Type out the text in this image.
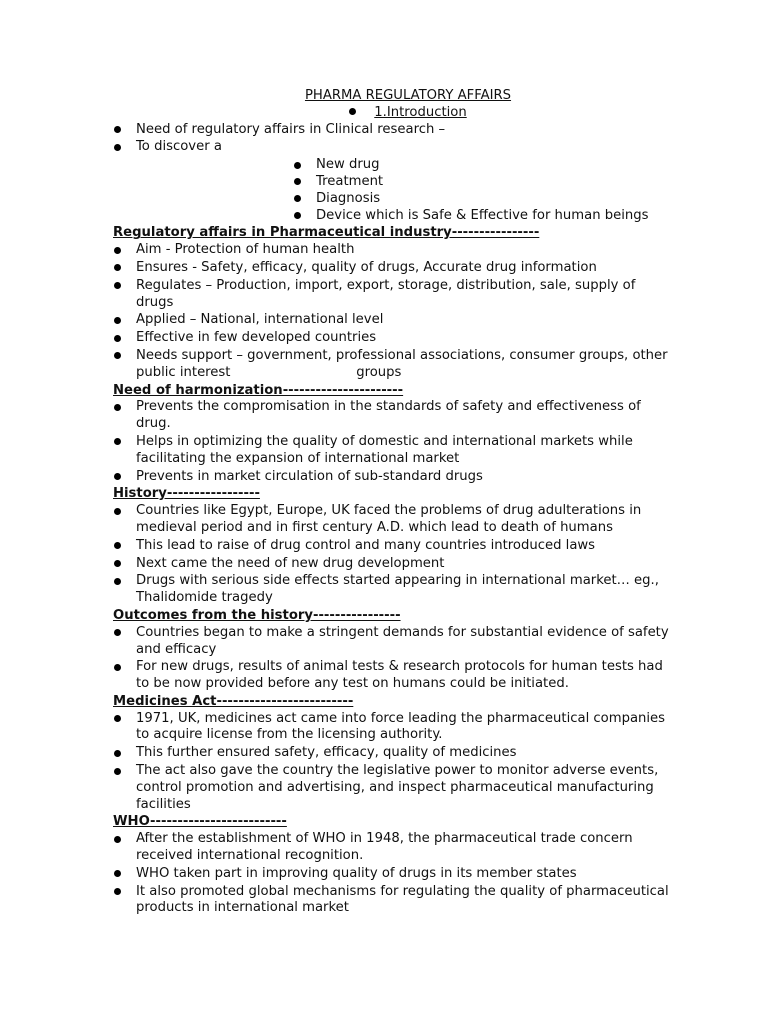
PHARMA REGULATORY AFFAIRS
1.Introduction
Need of regulatory affairs in Clinical research –
To discover a
New drug
Treatment
Diagnosis
Device which is Safe & Effective for human beings
Regulatory affairs in Pharmaceutical industry----------------
Aim - Protection of human health
Ensures - Safety, efficacy, quality of drugs, Accurate drug information
Regulates – Production, import, export, storage, distribution, sale, supply of drugs
Applied – National, international level
Effective in few developed countries
Needs support – government, professional associations, consumer groups, other public interest                              groups
Need of harmonization----------------------
Prevents the compromisation in the standards of safety and effectiveness of drug.
Helps in optimizing the quality of domestic and international markets while facilitating the expansion of international market
Prevents in market circulation of sub-standard drugs
History-----------------
Countries like Egypt, Europe, UK faced the problems of drug adulterations in medieval period and in first century A.D. which lead to death of humans
This lead to raise of drug control and many countries introduced laws
Next came the need of new drug development
Drugs with serious side effects started appearing in international market… eg., Thalidomide tragedy
Outcomes from the history----------------
Countries began to make a stringent demands for substantial evidence of safety and efficacy
For new drugs, results of animal tests & research protocols for human tests had to be now provided before any test on humans could be initiated.
Medicines Act-------------------------
1971, UK, medicines act came into force leading the pharmaceutical companies to acquire license from the licensing authority.
This further ensured safety, efficacy, quality of medicines
The act also gave the country the legislative power to monitor adverse events, control promotion and advertising, and inspect pharmaceutical manufacturing facilities
WHO-------------------------
After the establishment of WHO in 1948, the pharmaceutical trade concern received international recognition.
WHO taken part in improving quality of drugs in its member states
It also promoted global mechanisms for regulating the quality of pharmaceutical products in international market
